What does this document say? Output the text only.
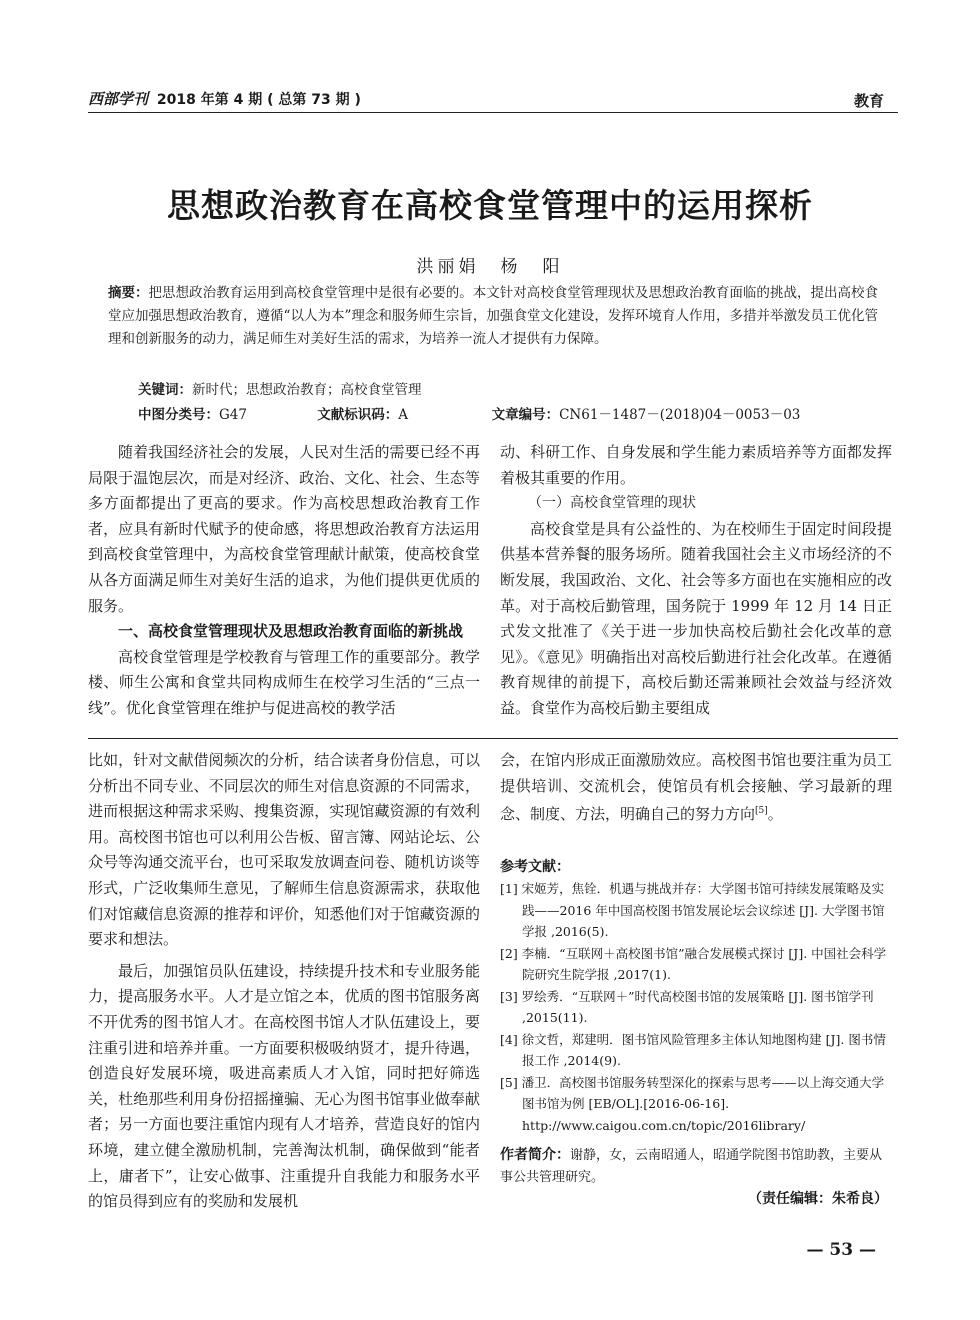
西部学刊 2018 年第 4 期 ( 总第 73 期 )	教育
思想政治教育在高校食堂管理中的运用探析
洪丽娟　杨　阳
摘要：把思想政治教育运用到高校食堂管理中是很有必要的。本文针对高校食堂管理现状及思想政治教育面临的挑战，提出高校食堂应加强思想政治教育，遵循“以人为本”理念和服务师生宗旨，加强食堂文化建设，发挥环境育人作用，多措并举激发员工优化管理和创新服务的动力，满足师生对美好生活的需求，为培养一流人才提供有力保障。
关键词：新时代；思想政治教育；高校食堂管理
中图分类号：G47	文献标识码：A	文章编号：CN61－1487－(2018)04－0053－03

随着我国经济社会的发展，人民对生活的需要已经不再局限于温饱层次，而是对经济、政治、文化、社会、生态等多方面都提出了更高的要求。作为高校思想政治教育工作者，应具有新时代赋予的使命感，将思想政治教育方法运用到高校食堂管理中，为高校食堂管理献计献策，使高校食堂从各方面满足师生对美好生活的追求，为他们提供更优质的服务。

一、高校食堂管理现状及思想政治教育面临的新挑战

高校食堂管理是学校教育与管理工作的重要部分。教学楼、师生公寓和食堂共同构成师生在校学习生活的“三点一线”。优化食堂管理在维护与促进高校的教学活

动、科研工作、自身发展和学生能力素质培养等方面都发挥着极其重要的作用。

（一）高校食堂管理的现状

高校食堂是具有公益性的、为在校师生于固定时间段提供基本营养餐的服务场所。随着我国社会主义市场经济的不断发展，我国政治、文化、社会等多方面也在实施相应的改革。对于高校后勤管理，国务院于 1999 年 12 月 14 日正式发文批准了《关于进一步加快高校后勤社会化改革的意见》。《意见》明确指出对高校后勤进行社会化改革。在遵循教育规律的前提下，高校后勤还需兼顾社会效益与经济效益。食堂作为高校后勤主要组成

比如，针对文献借阅频次的分析，结合读者身份信息，可以分析出不同专业、不同层次的师生对信息资源的不同需求，进而根据这种需求采购、搜集资源，实现馆藏资源的有效利用。高校图书馆也可以利用公告板、留言簿、网站论坛、公众号等沟通交流平台，也可采取发放调查问卷、随机访谈等形式，广泛收集师生意见，了解师生信息资源需求，获取他们对馆藏信息资源的推荐和评价，知悉他们对于馆藏资源的要求和想法。

最后，加强馆员队伍建设，持续提升技术和专业服务能力，提高服务水平。人才是立馆之本，优质的图书馆服务离不开优秀的图书馆人才。在高校图书馆人才队伍建设上，要注重引进和培养并重。一方面要积极吸纳贤才，提升待遇，创造良好发展环境，吸进高素质人才入馆，同时把好筛选关，杜绝那些利用身份招摇撞骗、无心为图书馆事业做奉献者；另一方面也要注重馆内现有人才培养，营造良好的馆内环境，建立健全激励机制，完善淘汰机制，确保做到“能者上，庸者下”，让安心做事、注重提升自我能力和服务水平的馆员得到应有的奖励和发展机

会，在馆内形成正面激励效应。高校图书馆也要注重为员工提供培训、交流机会，使馆员有机会接触、学习最新的理念、制度、方法，明确自己的努力方向[5]。

参考文献：

[1] 宋姬芳，焦铨．机遇与挑战并存：大学图书馆可持续发展策略及实践——2016 年中国高校图书馆发展论坛会议综述 [J]. 大学图书馆学报 ,2016(5).

[2] 李楠．“互联网＋高校图书馆”融合发展模式探讨 [J]. 中国社会科学院研究生院学报 ,2017(1).

[3] 罗绘秀．“互联网＋”时代高校图书馆的发展策略 [J]. 图书馆学刊 ,2015(11).

[4] 徐文哲，郑建明．图书馆风险管理多主体认知地图构建 [J]. 图书情报工作 ,2014(9).

[5] 潘卫．高校图书馆服务转型深化的探索与思考——以上海交通大学图书馆为例 [EB/OL].[2016-06-16]. http://www.caigou.com.cn/topic/2016library/

作者简介：谢静，女，云南昭通人，昭通学院图书馆助教，主要从事公共管理研究。
（责任编辑：朱希良）
— 53 —
